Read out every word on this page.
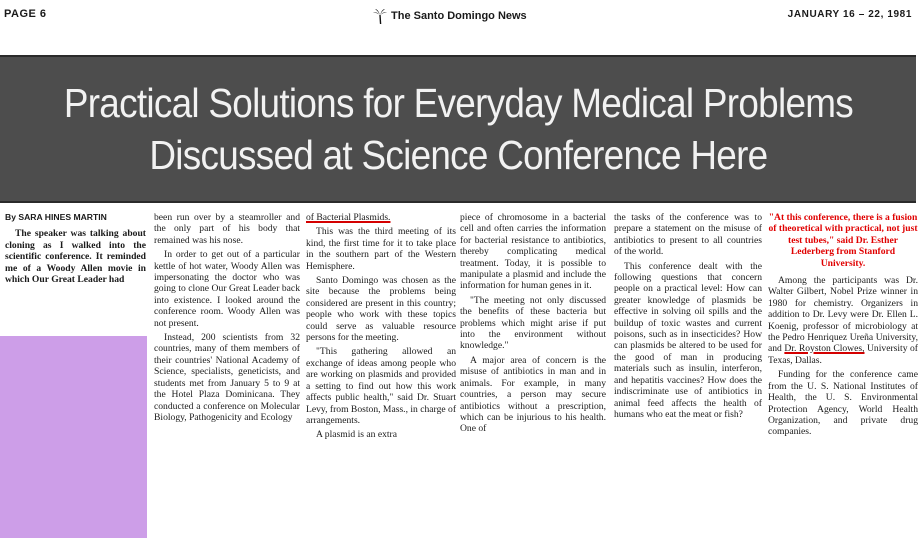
PAGE 6	The Santo Domingo News	JANUARY 16 – 22, 1981
Practical Solutions for Everyday Medical Problems
Discussed at Science Conference Here
By SARA HINES MARTIN

The speaker was talking about cloning as I walked into the scientific conference. It reminded me of a Woody Allen movie in which Our Great Leader had

been run over by a steamroller and the only part of his body that remained was his nose.

In order to get out of a particular kettle of hot water, Woody Allen was impersonating the doctor who was going to clone Our Great Leader back into existence. I looked around the conference room. Woody Allen was not present.

Instead, 200 scientists from 32 countries, many of them members of their countries' National Academy of Science, specialists, geneticists, and students met from January 5 to 9 at the Hotel Plaza Dominicana. They conducted a conference on Molecular Biology, Pathogenicity and Ecology

of Bacterial Plasmids.

This was the third meeting of its kind, the first time for it to take place in the southern part of the Western Hemisphere.

Santo Domingo was chosen as the site because the problems being considered are present in this country; people who work with these topics could serve as valuable resource persons for the meeting.

"This gathering allowed an exchange of ideas among people who are working on plasmids and provided a setting to find out how this work affects public health," said Dr. Stuart Levy, from Boston, Mass., in charge of arrangements.

A plasmid is an extra

piece of chromosome in a bacterial cell and often carries the information for bacterial resistance to antibiotics, thereby complicating medical treatment. Today, it is possible to manipulate a plasmid and include the information for human genes in it.

"The meeting not only discussed the benefits of these bacteria but problems which might arise if put into the environment without knowledge."

A major area of concern is the misuse of antibiotics in man and in animals. For example, in many countries, a person may secure antibiotics without a prescription, which can be injurious to his health. One of

the tasks of the conference was to prepare a statement on the misuse of antibiotics to present to all countries of the world.

This conference dealt with the following questions that concern people on a practical level: How can greater knowledge of plasmids be effective in solving oil spills and the buildup of toxic wastes and current poisons, such as in insecticides? How can plasmids be altered to be used for the good of man in producing materials such as insulin, interferon, and hepatitis vaccines? How does the indiscriminate use of antibiotics in animal feed affects the health of humans who eat the meat or fish?

"At this conference, there is a fusion of theoretical with practical, not just test tubes," said Dr. Esther Lederberg from Stanford University.

Among the participants was Dr. Walter Gilbert, Nobel Prize winner in 1980 for chemistry. Organizers in addition to Dr. Levy were Dr. Ellen L. Koenig, professor of microbiology at the Pedro Henriquez Ureña University, and Dr. Royston Clowes, University of Texas, Dallas.

Funding for the conference came from the U. S. National Institutes of Health, the U. S. Environmental Protection Agency, World Health Organization, and private drug companies.
